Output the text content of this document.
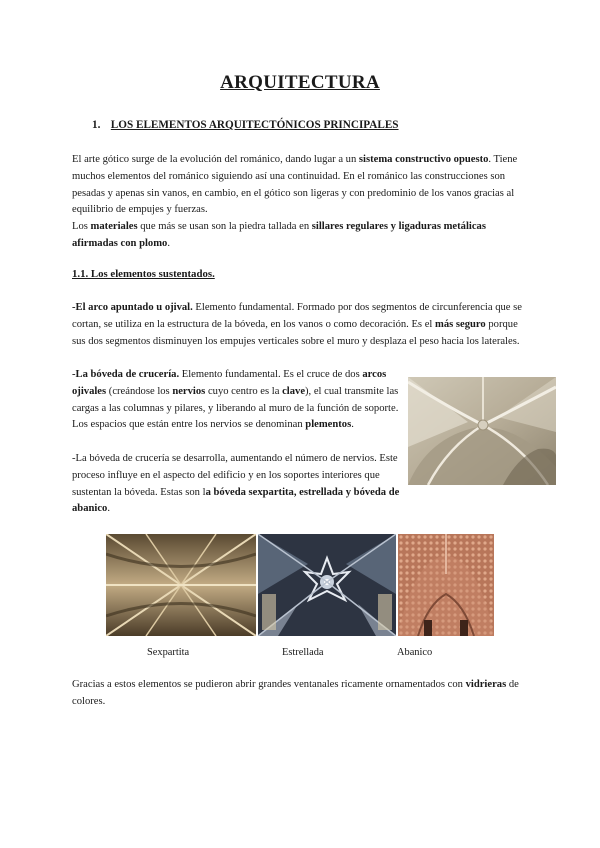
ARQUITECTURA
1. LOS ELEMENTOS ARQUITECTÓNICOS PRINCIPALES
El arte gótico surge de la evolución del románico, dando lugar a un sistema constructivo opuesto. Tiene muchos elementos del románico siguiendo así una continuidad. En el románico las construcciones son pesadas y apenas sin vanos, en cambio, en el gótico son ligeras y con predominio de los vanos gracias al equilibrio de empujes y fuerzas.
Los materiales que más se usan son la piedra tallada en sillares regulares y ligaduras metálicas afirmadas con plomo.
1.1. Los elementos sustentados.
-El arco apuntado u ojival. Elemento fundamental. Formado por dos segmentos de circunferencia que se cortan, se utiliza en la estructura de la bóveda, en los vanos o como decoración. Es el más seguro porque sus dos segmentos disminuyen los empujes verticales sobre el muro y desplaza el peso hacia los laterales.
-La bóveda de crucería. Elemento fundamental. Es el cruce de dos arcos ojivales (creándose los nervios cuyo centro es la clave), el cual transmite las cargas a las columnas y pilares, y liberando al muro de la función de soporte. Los espacios que están entre los nervios se denominan plementos.
-La bóveda de crucería se desarrolla, aumentando el número de nervios. Este proceso influye en el aspecto del edificio y en los soportes interiores que sustentan la bóveda. Estas son la bóveda sexpartita, estrellada y bóveda de abanico.
Sexpartita	Estrellada	Abanico
Gracias a estos elementos se pudieron abrir grandes ventanales ricamente ornamentados con vidrieras de colores.
